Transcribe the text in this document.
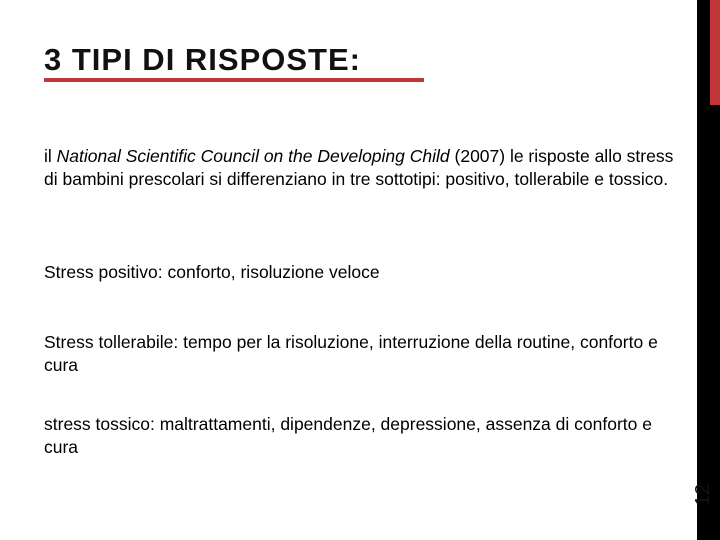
3 TIPI DI RISPOSTE:
il National Scientific Council on the Developing Child (2007) le risposte allo stress di bambini prescolari si differenziano in tre sottotipi: positivo, tollerabile e tossico.
Stress positivo: conforto, risoluzione veloce
Stress tollerabile: tempo per la risoluzione, interruzione della routine, conforto e cura
stress tossico: maltrattamenti, dipendenze, depressione, assenza di conforto e cura
12
